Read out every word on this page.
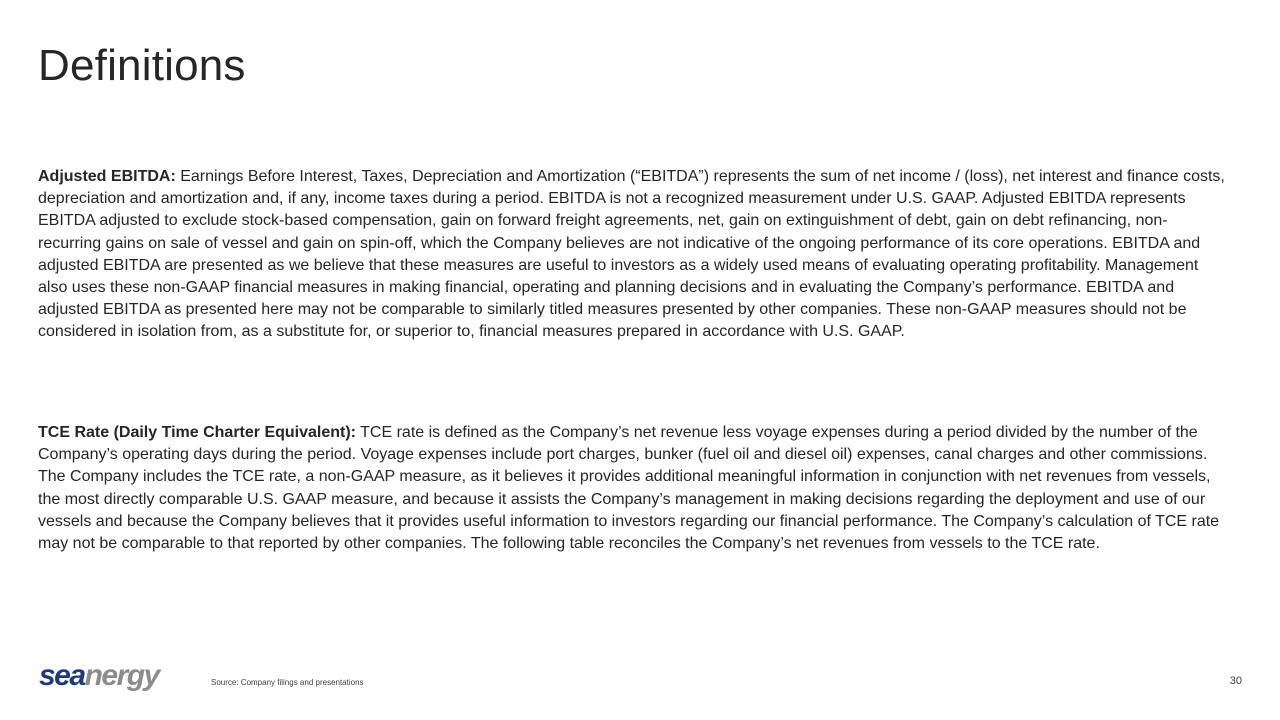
Definitions

Adjusted EBITDA: Earnings Before Interest, Taxes, Depreciation and Amortization (“EBITDA”) represents the sum of net income / (loss), net interest and finance costs, depreciation and amortization and, if any, income taxes during a period. EBITDA is not a recognized measurement under U.S. GAAP. Adjusted EBITDA represents EBITDA adjusted to exclude stock-based compensation, gain on forward freight agreements, net, gain on extinguishment of debt, gain on debt refinancing, non-recurring gains on sale of vessel and gain on spin-off, which the Company believes are not indicative of the ongoing performance of its core operations. EBITDA and adjusted EBITDA are presented as we believe that these measures are useful to investors as a widely used means of evaluating operating profitability. Management also uses these non-GAAP financial measures in making financial, operating and planning decisions and in evaluating the Company’s performance. EBITDA and adjusted EBITDA as presented here may not be comparable to similarly titled measures presented by other companies. These non-GAAP measures should not be considered in isolation from, as a substitute for, or superior to, financial measures prepared in accordance with U.S. GAAP.

TCE Rate (Daily Time Charter Equivalent): TCE rate is defined as the Company’s net revenue less voyage expenses during a period divided by the number of the Company’s operating days during the period. Voyage expenses include port charges, bunker (fuel oil and diesel oil) expenses, canal charges and other commissions. The Company includes the TCE rate, a non-GAAP measure, as it believes it provides additional meaningful information in conjunction with net revenues from vessels, the most directly comparable U.S. GAAP measure, and because it assists the Company’s management in making decisions regarding the deployment and use of our vessels and because the Company believes that it provides useful information to investors regarding our financial performance. The Company’s calculation of TCE rate may not be comparable to that reported by other companies. The following table reconciles the Company’s net revenues from vessels to the TCE rate.

seanergy	Source: Company filings and presentations	30
